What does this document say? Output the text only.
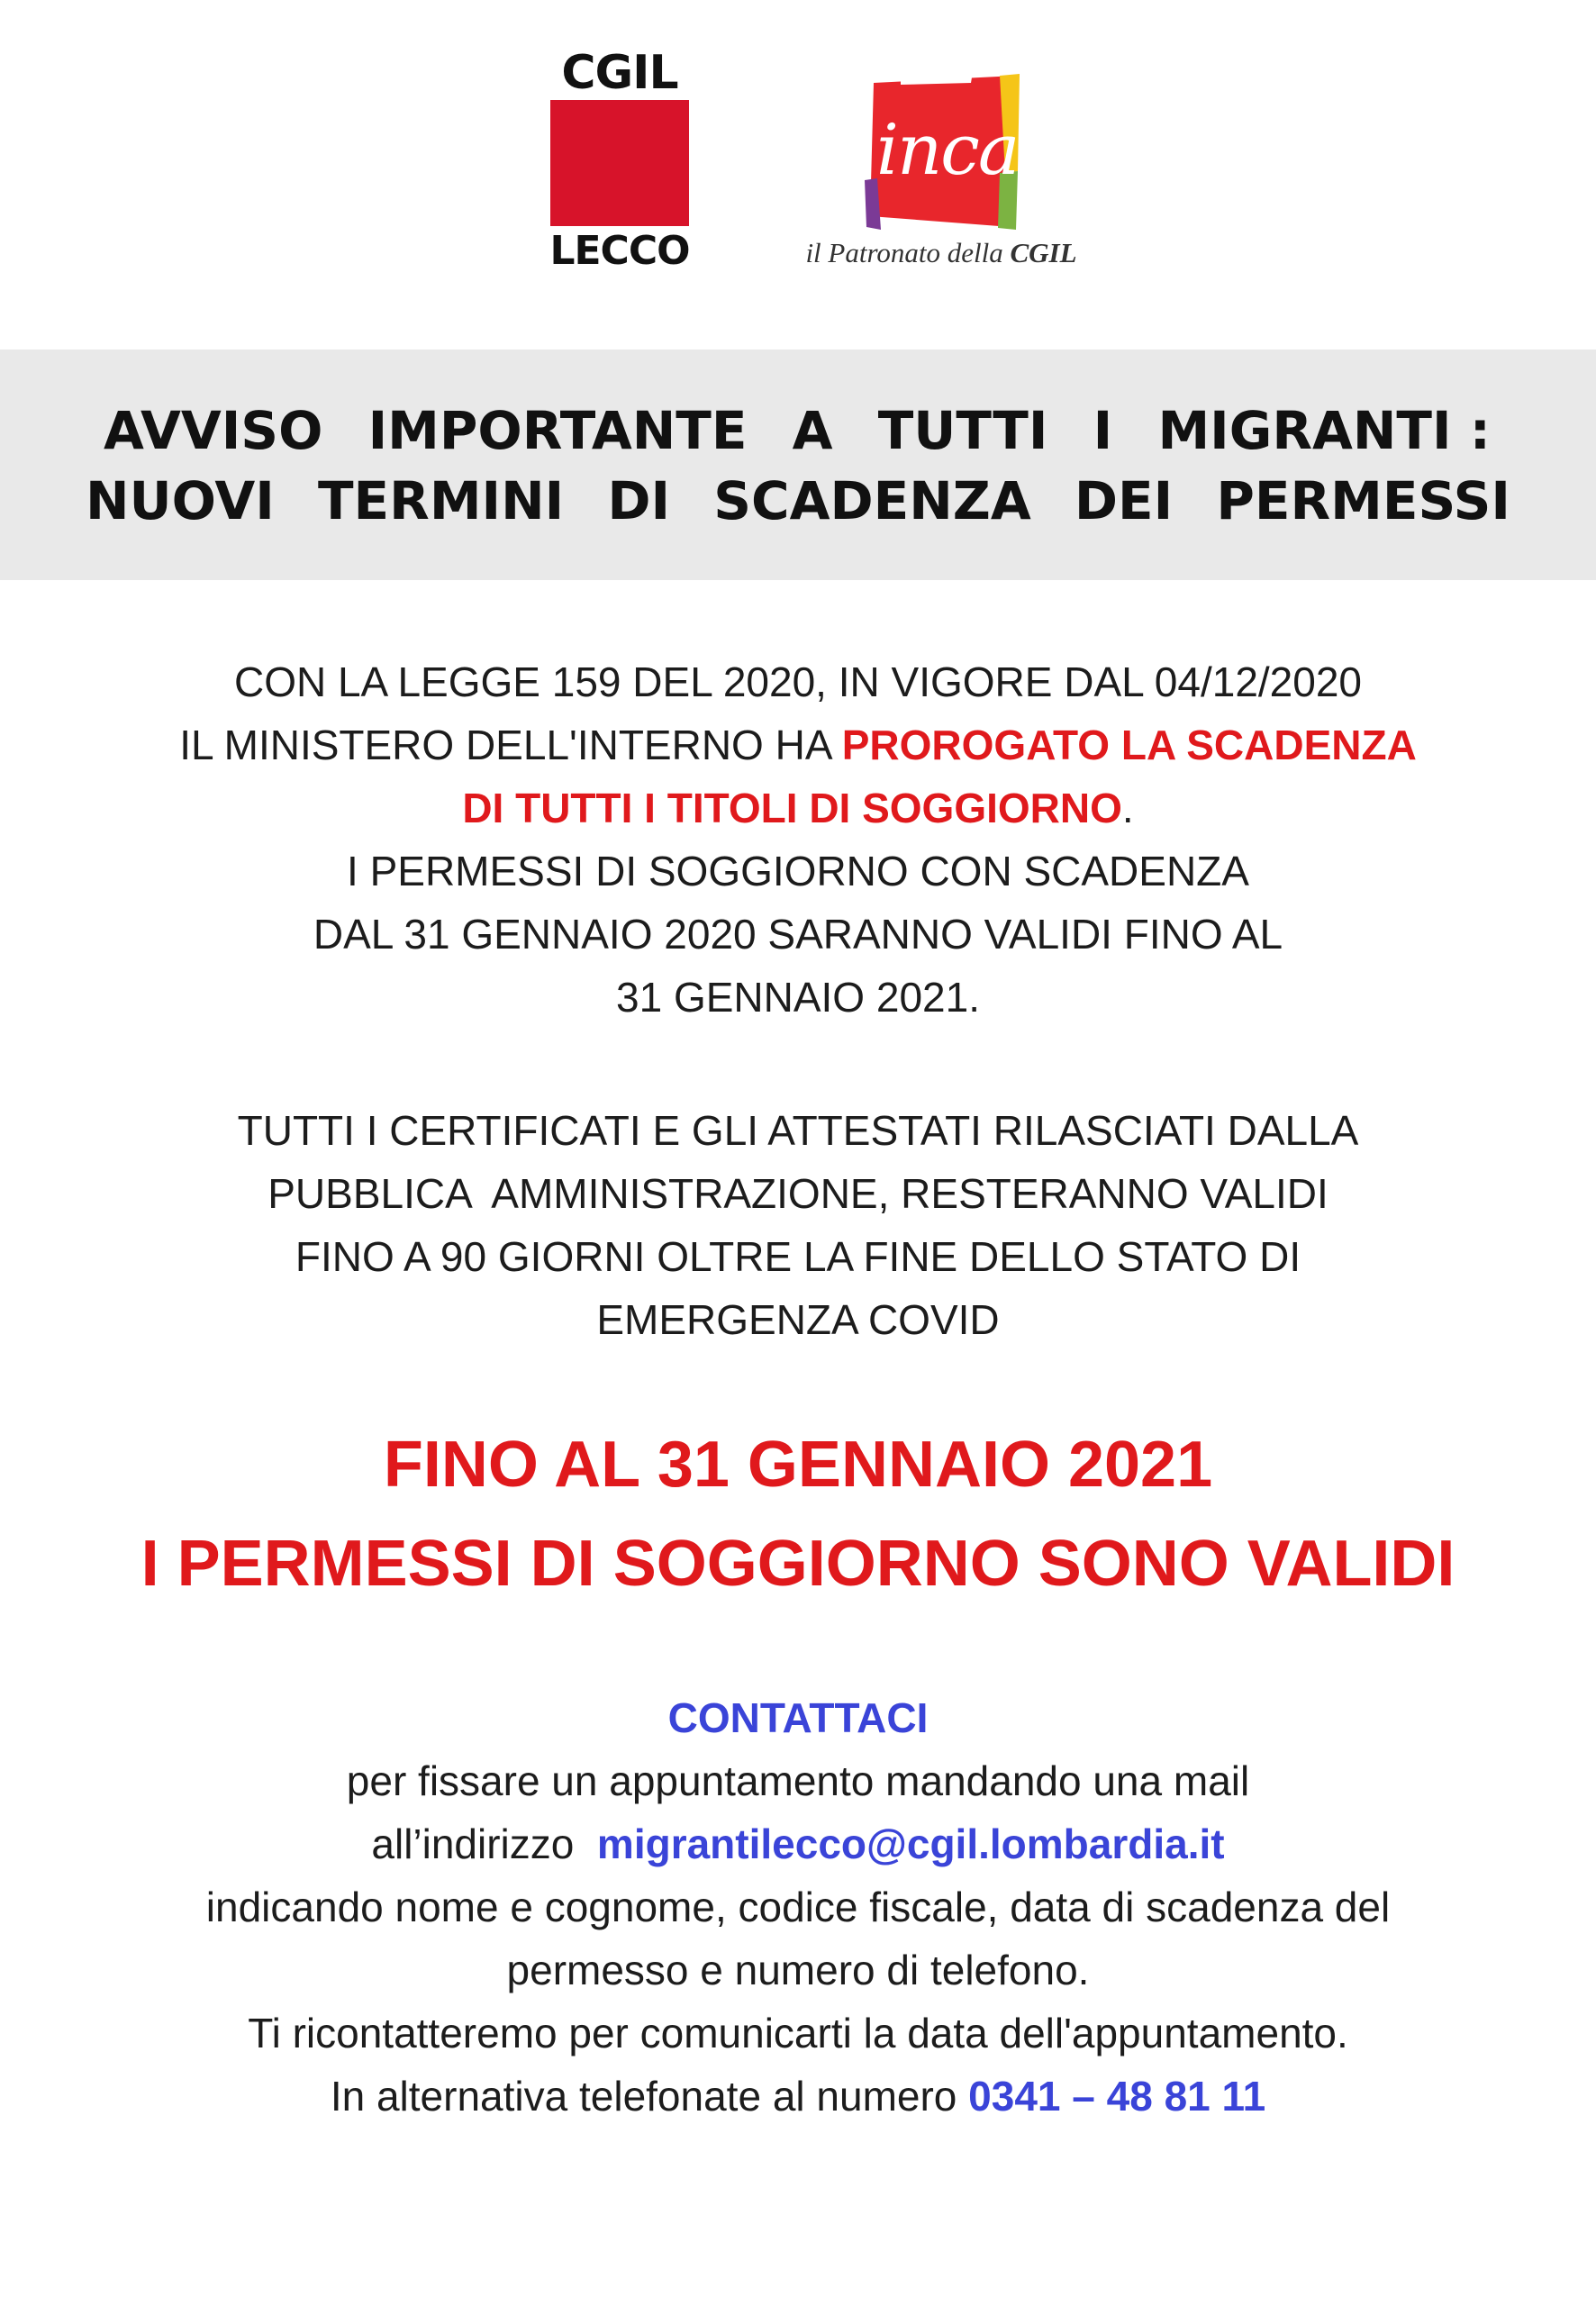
CGIL
LECCO
inca
il Patronato della CGIL
AVVISO IMPORTANTE A TUTTI I MIGRANTI :
NUOVI TERMINI DI SCADENZA DEI PERMESSI
CON LA LEGGE 159 DEL 2020, IN VIGORE DAL 04/12/2020
IL MINISTERO DELL'INTERNO HA PROROGATO LA SCADENZA
DI TUTTI I TITOLI DI SOGGIORNO.
I PERMESSI DI SOGGIORNO CON SCADENZA
DAL 31 GENNAIO 2020 SARANNO VALIDI FINO AL
31 GENNAIO 2021.
TUTTI I CERTIFICATI E GLI ATTESTATI RILASCIATI DALLA
PUBBLICA  AMMINISTRAZIONE, RESTERANNO VALIDI
FINO A 90 GIORNI OLTRE LA FINE DELLO STATO DI
EMERGENZA COVID
FINO AL 31 GENNAIO 2021
I PERMESSI DI SOGGIORNO SONO VALIDI
CONTATTACI
per fissare un appuntamento mandando una mail
all’indirizzo  migrantilecco@cgil.lombardia.it
indicando nome e cognome, codice fiscale, data di scadenza del
permesso e numero di telefono.
Ti ricontatteremo per comunicarti la data dell'appuntamento.
In alternativa telefonate al numero 0341 – 48 81 11
